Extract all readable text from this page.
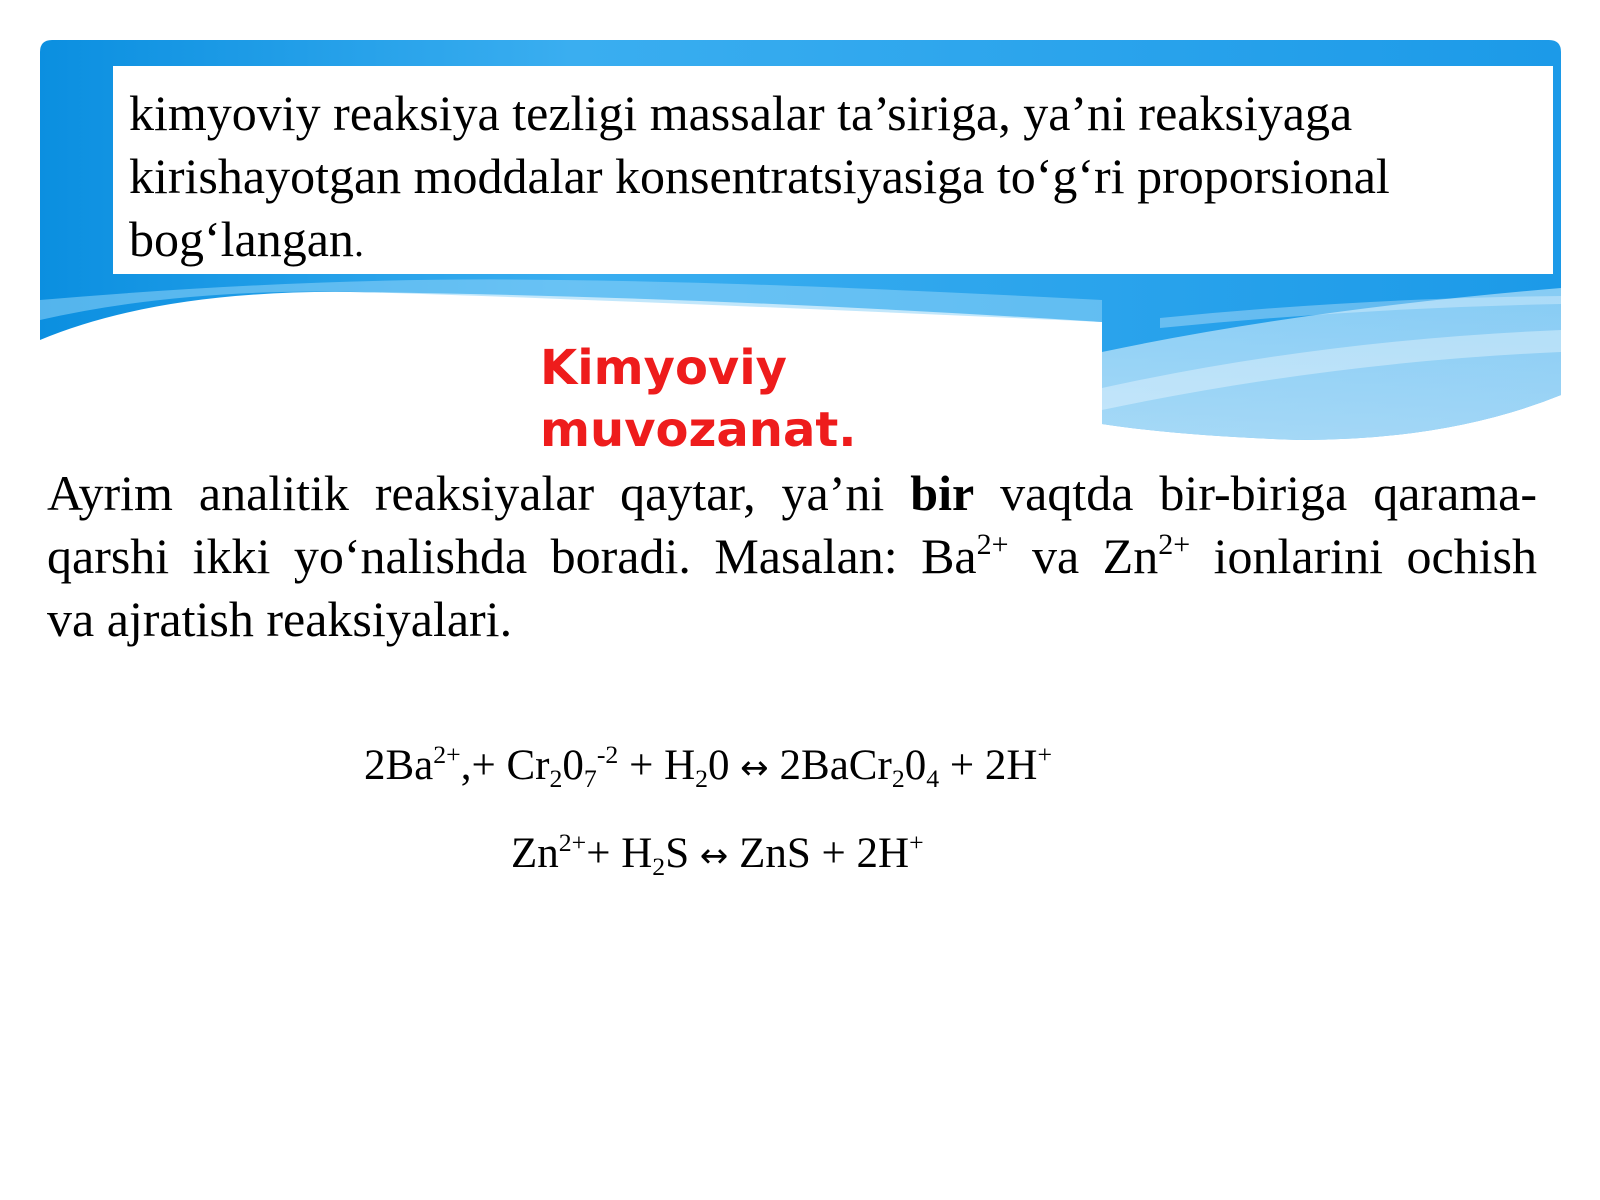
kimyoviy reaksiya tezligi massalar ta’siriga, ya’ni reaksiyaga
kirishayotgan moddalar konsentratsiyasiga to‘g‘ri proporsional
bog‘langan.
Kimyoviy
muvozanat.

Ayrim analitik reaksiyalar qaytar, ya’ni bir vaqtda bir-biriga qarama-
qarshi ikki yo‘nalishda boradi. Masalan: $Ba^{2+}$ va $Zn^{2+}$ ionlarini ochish
va ajratish reaksiyalari.

$2Ba^{2+},+ Cr_20_7^{-2} + H_20$ ↔ $2BaCr_20_4 + 2H^+$

$Zn^{2+}+ H_2S$ ↔ ZnS + 2H+
